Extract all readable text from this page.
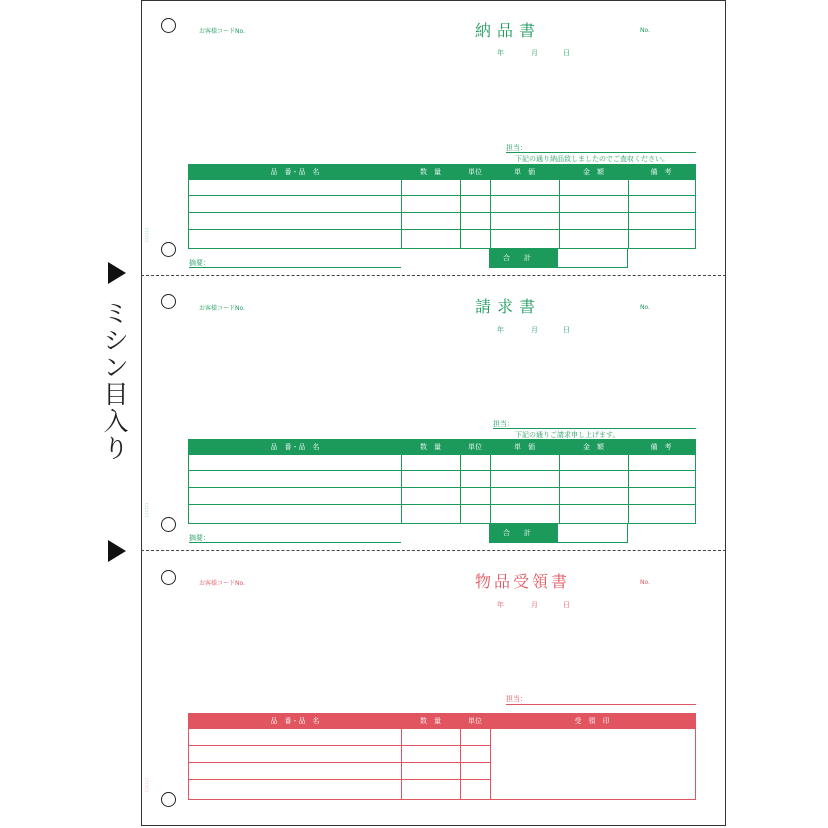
ミシン目入り
お客様コードNo.	納品書	No.
年	月	日
担当：
下記の通り納品致しましたのでご査収ください。
品　番・品　名	数　量	単位	単　価	金　額	備　考
合計
摘要：
⬚⬚⬚
お客様コードNo.	請求書	No.
年	月	日
担当：
下記の通りご請求申し上げます。
品　番・品　名	数　量	単位	単　価	金　額	備　考
合計
摘要：
⬚⬚⬚
お客様コードNo.	物品受領書	No.
年	月	日
担当：
品　番・品　名	数　量	単位	受　領　印
⬚⬚⬚
